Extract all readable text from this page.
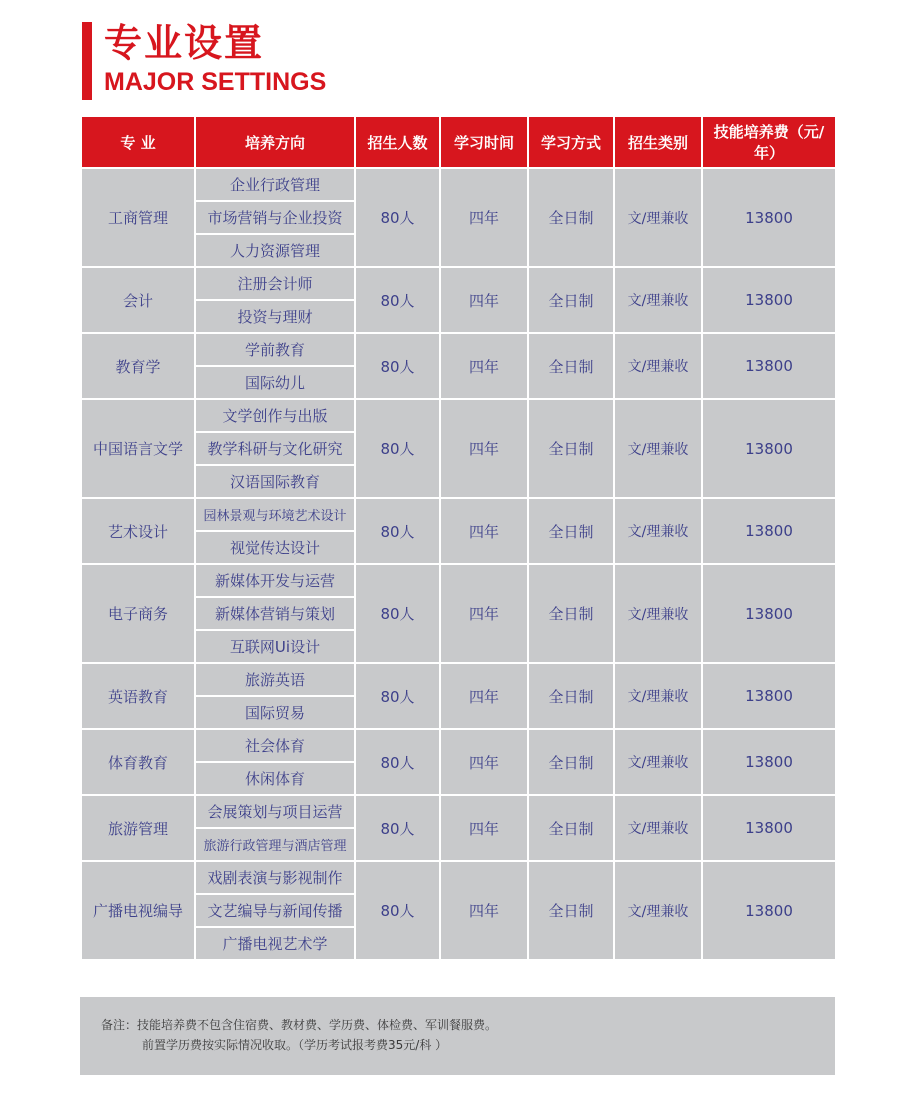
专业设置
MAJOR SETTINGS
专 业	培养方向	招生人数	学习时间	学习方式	招生类别	技能培养费（元/年）
工商管理	企业行政管理	80人	四年	全日制	文/理兼收	13800
	市场营销与企业投资					
	人力资源管理					
会计	注册会计师	80人	四年	全日制	文/理兼收	13800
	投资与理财					
教育学	学前教育	80人	四年	全日制	文/理兼收	13800
	国际幼儿					
中国语言文学	文学创作与出版	80人	四年	全日制	文/理兼收	13800
	教学科研与文化研究					
	汉语国际教育					
艺术设计	园林景观与环境艺术设计	80人	四年	全日制	文/理兼收	13800
	视觉传达设计					
电子商务	新媒体开发与运营	80人	四年	全日制	文/理兼收	13800
	新媒体营销与策划					
	互联网Ui设计					
英语教育	旅游英语	80人	四年	全日制	文/理兼收	13800
	国际贸易					
体育教育	社会体育	80人	四年	全日制	文/理兼收	13800
	休闲体育					
旅游管理	会展策划与项目运营	80人	四年	全日制	文/理兼收	13800
	旅游行政管理与酒店管理					
广播电视编导	戏剧表演与影视制作	80人	四年	全日制	文/理兼收	13800
	文艺编导与新闻传播					
	广播电视艺术学					

备注：技能培养费不包含住宿费、教材费、学历费、体检费、军训餐服费。

前置学历费按实际情况收取。（学历考试报考费35元/科 ）
